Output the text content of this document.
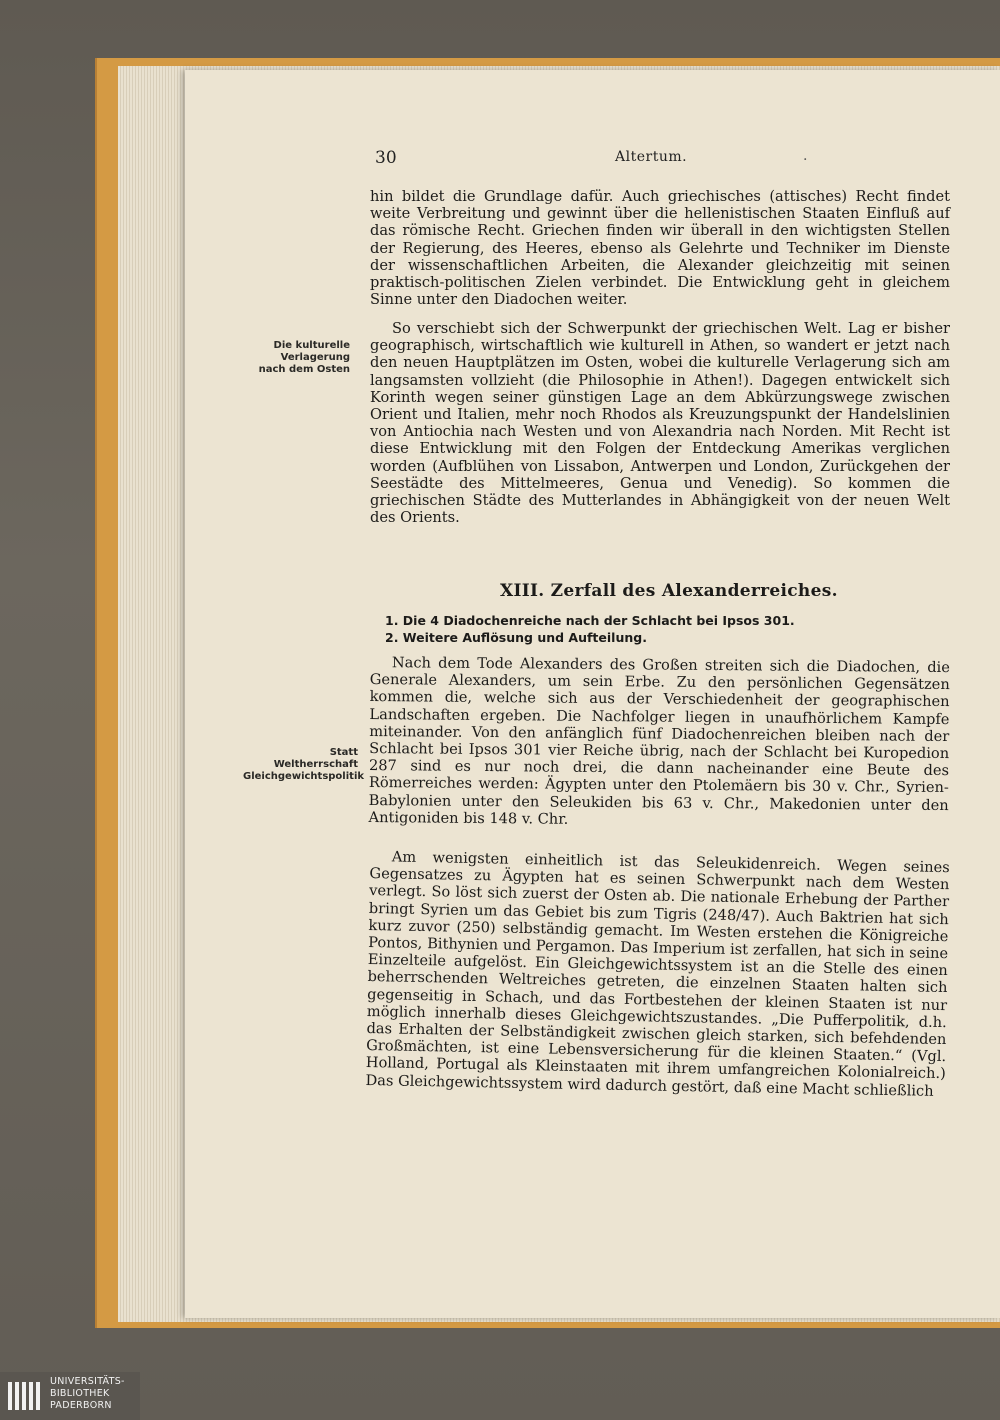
30	Altertum.	.

hin bildet die Grundlage dafür. Auch griechisches (attisches) Recht findet weite Verbreitung und gewinnt über die hellenistischen Staaten Einfluß auf das römische Recht. Griechen finden wir überall in den wichtigsten Stellen der Regierung, des Heeres, ebenso als Gelehrte und Techniker im Dienste der wissenschaftlichen Arbeiten, die Alexander gleichzeitig mit seinen praktisch-politischen Zielen verbindet. Die Entwicklung geht in gleichem Sinne unter den Diadochen weiter.

So verschiebt sich der Schwerpunkt der griechischen Welt. Lag er bisher geographisch, wirtschaftlich wie kulturell in Athen, so wandert er jetzt nach den neuen Hauptplätzen im Osten, wobei die kulturelle Verlagerung sich am langsamsten vollzieht (die Philosophie in Athen!). Dagegen entwickelt sich Korinth wegen seiner günstigen Lage an dem Abkürzungswege zwischen Orient und Italien, mehr noch Rhodos als Kreuzungspunkt der Handelslinien von Antiochia nach Westen und von Alexandria nach Norden. Mit Recht ist diese Entwicklung mit den Folgen der Entdeckung Amerikas verglichen worden (Aufblühen von Lissabon, Antwerpen und London, Zurückgehen der Seestädte des Mittelmeeres, Genua und Venedig). So kommen die griechischen Städte des Mutterlandes in Abhängigkeit von der neuen Welt des Orients.

XIII. Zerfall des Alexanderreiches.
1. Die 4 Diadochenreiche nach der Schlacht bei Ipsos 301.
2. Weitere Auflösung und Aufteilung.

Nach dem Tode Alexanders des Großen streiten sich die Diadochen, die Generale Alexanders, um sein Erbe. Zu den persönlichen Gegensätzen kommen die, welche sich aus der Verschiedenheit der geographischen Landschaften ergeben. Die Nachfolger liegen in unaufhörlichem Kampfe miteinander. Von den anfänglich fünf Diadochenreichen bleiben nach der Schlacht bei Ipsos 301 vier Reiche übrig, nach der Schlacht bei Kuropedion 287 sind es nur noch drei, die dann nacheinander eine Beute des Römerreiches werden: Ägypten unter den Ptolemäern bis 30 v. Chr., Syrien-Babylonien unter den Seleukiden bis 63 v. Chr., Makedonien unter den Antigoniden bis 148 v. Chr.

Am wenigsten einheitlich ist das Seleukidenreich. Wegen seines Gegensatzes zu Ägypten hat es seinen Schwerpunkt nach dem Westen verlegt. So löst sich zuerst der Osten ab. Die nationale Erhebung der Parther bringt Syrien um das Gebiet bis zum Tigris (248/47). Auch Baktrien hat sich kurz zuvor (250) selbständig gemacht. Im Westen erstehen die Königreiche Pontos, Bithynien und Pergamon. Das Imperium ist zerfallen, hat sich in seine Einzelteile aufgelöst. Ein Gleichgewichtssystem ist an die Stelle des einen beherrschenden Weltreiches getreten, die einzelnen Staaten halten sich gegenseitig in Schach, und das Fortbestehen der kleinen Staaten ist nur möglich innerhalb dieses Gleichgewichtszustandes. „Die Pufferpolitik, d.h. das Erhalten der Selbständigkeit zwischen gleich starken, sich befehdenden Großmächten, ist eine Lebensversicherung für die kleinen Staaten.“ (Vgl. Holland, Portugal als Kleinstaaten mit ihrem umfangreichen Kolonialreich.) Das Gleichgewichtssystem wird dadurch gestört, daß eine Macht schließlich

Die kulturelle
Verlagerung
nach dem Osten
Statt Weltherrschaft
Gleichgewichtspolitik
UNIVERSITÄTS-
BIBLIOTHEK
PADERBORN
